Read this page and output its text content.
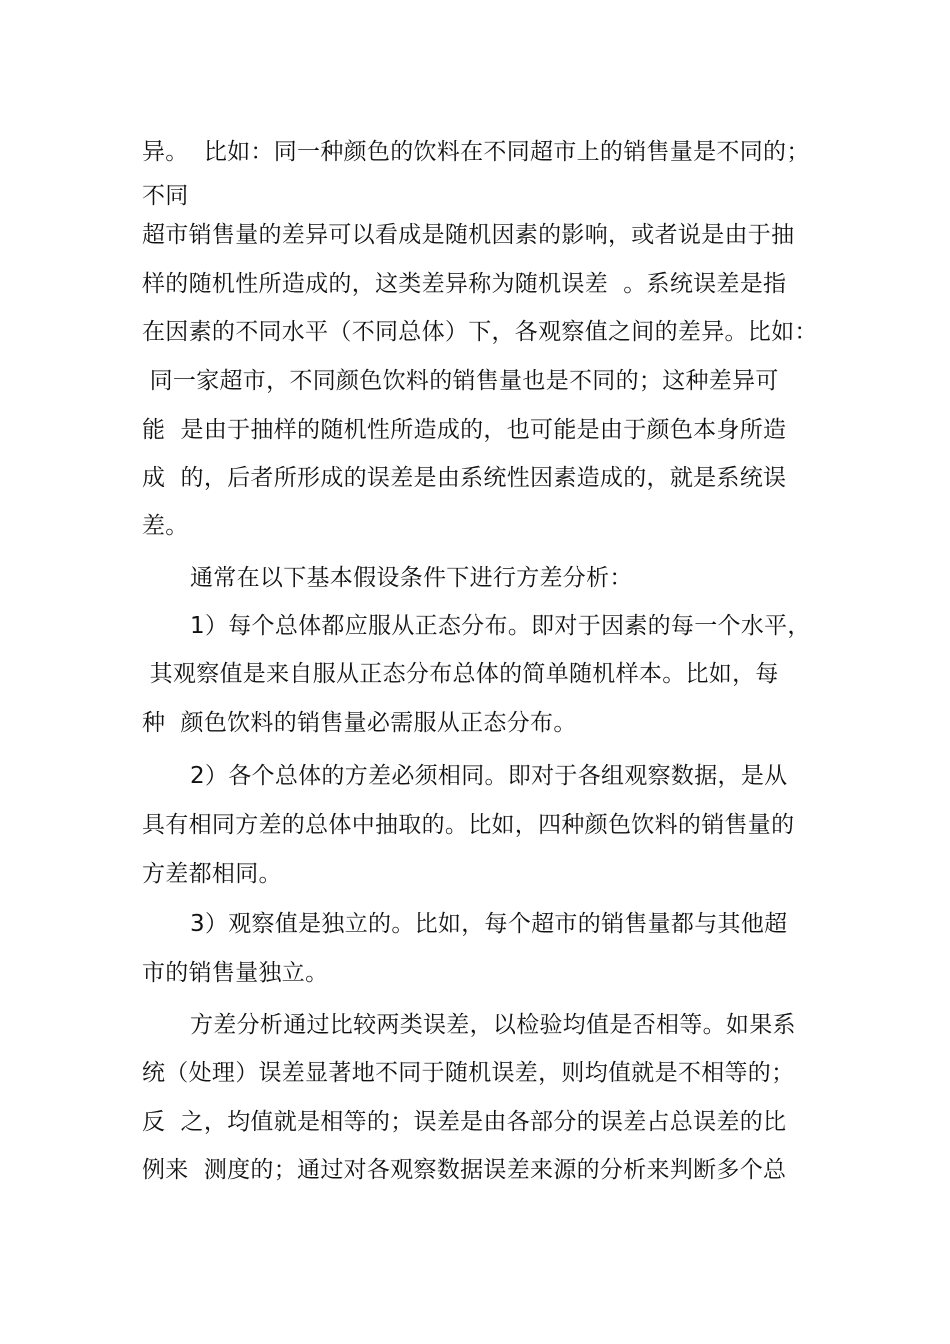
异。  比如：同一种颜色的饮料在不同超市上的销售量是不同的；
不同
超市销售量的差异可以看成是随机因素的影响，或者说是由于抽
样的随机性所造成的，这类差异称为随机误差  。系统误差是指
在因素的不同水平（不同总体）下，各观察值之间的差异。比如：
同一家超市，不同颜色饮料的销售量也是不同的；这种差异可
能  是由于抽样的随机性所造成的，也可能是由于颜色本身所造
成  的，后者所形成的误差是由系统性因素造成的，就是系统误
差。
通常在以下基本假设条件下进行方差分析：
1）每个总体都应服从正态分布。即对于因素的每一个水平，
其观察值是来自服从正态分布总体的简单随机样本。比如，每
种  颜色饮料的销售量必需服从正态分布。
2）各个总体的方差必须相同。即对于各组观察数据，是从
具有相同方差的总体中抽取的。比如，四种颜色饮料的销售量的
方差都相同。
3）观察值是独立的。比如，每个超市的销售量都与其他超
市的销售量独立。
方差分析通过比较两类误差，以检验均值是否相等。如果系
统（处理）误差显著地不同于随机误差，则均值就是不相等的；
反  之，均值就是相等的；误差是由各部分的误差占总误差的比
例来  测度的；通过对各观察数据误差来源的分析来判断多个总
